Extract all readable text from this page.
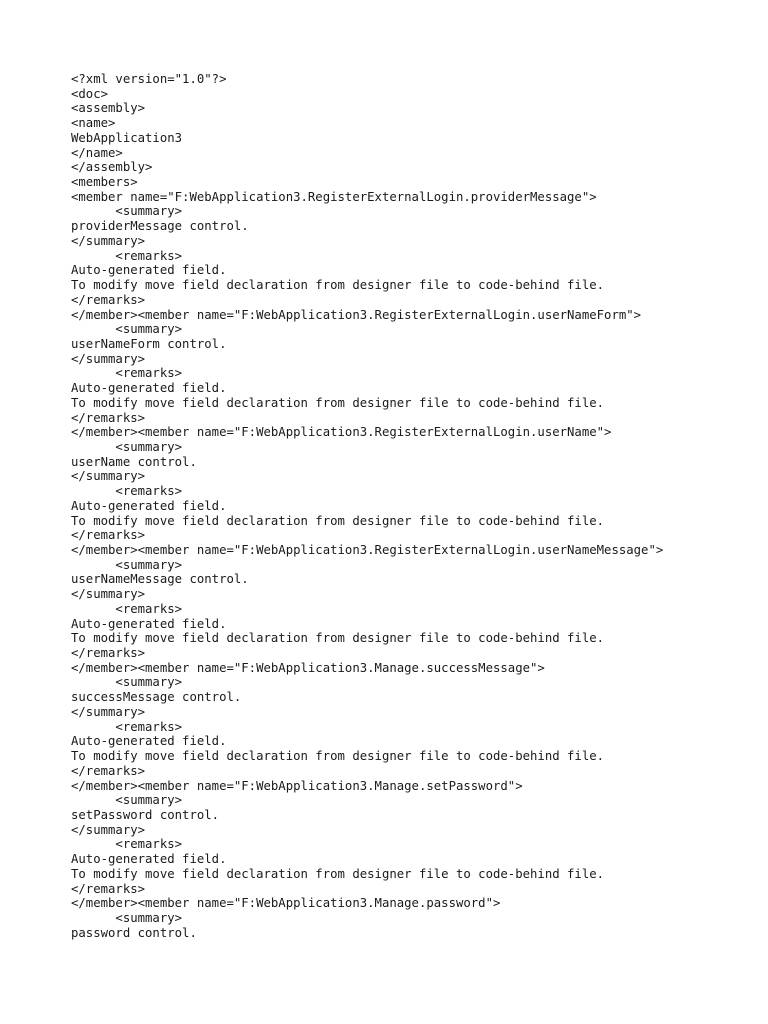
<?xml version="1.0"?>
<doc>
<assembly>
<name>
WebApplication3
</name>
</assembly>
<members>
<member name="F:WebApplication3.RegisterExternalLogin.providerMessage">
<summary>
providerMessage control.
</summary>
<remarks>
Auto-generated field.
To modify move field declaration from designer file to code-behind file.
</remarks>
</member><member name="F:WebApplication3.RegisterExternalLogin.userNameForm">
<summary>
userNameForm control.
</summary>
<remarks>
Auto-generated field.
To modify move field declaration from designer file to code-behind file.
</remarks>
</member><member name="F:WebApplication3.RegisterExternalLogin.userName">
<summary>
userName control.
</summary>
<remarks>
Auto-generated field.
To modify move field declaration from designer file to code-behind file.
</remarks>
</member><member name="F:WebApplication3.RegisterExternalLogin.userNameMessage">
<summary>
userNameMessage control.
</summary>
<remarks>
Auto-generated field.
To modify move field declaration from designer file to code-behind file.
</remarks>
</member><member name="F:WebApplication3.Manage.successMessage">
<summary>
successMessage control.
</summary>
<remarks>
Auto-generated field.
To modify move field declaration from designer file to code-behind file.
</remarks>
</member><member name="F:WebApplication3.Manage.setPassword">
<summary>
setPassword control.
</summary>
<remarks>
Auto-generated field.
To modify move field declaration from designer file to code-behind file.
</remarks>
</member><member name="F:WebApplication3.Manage.password">
<summary>
password control.
